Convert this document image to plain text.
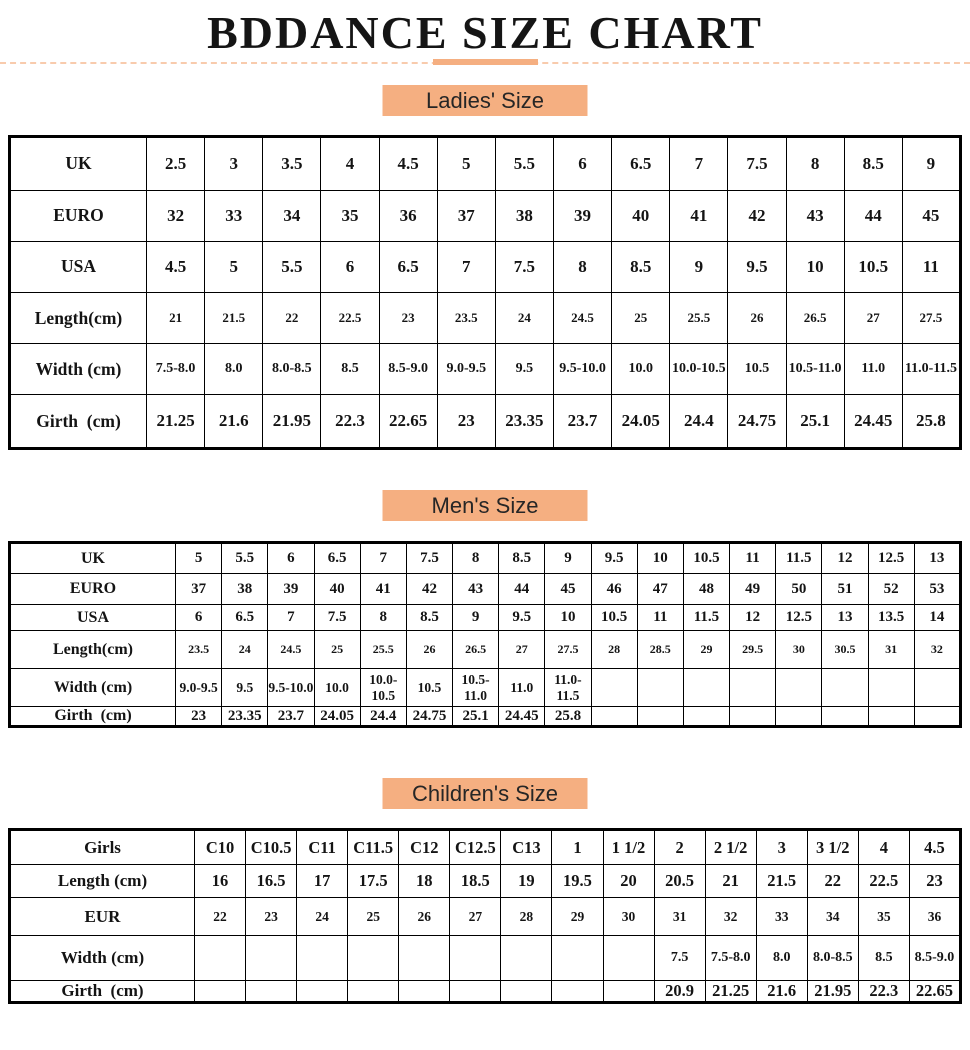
BDDANCE SIZE CHART
Ladies' Size
UK	2.5	3	3.5	4	4.5	5	5.5	6	6.5	7	7.5	8	8.5	9
EURO	32	33	34	35	36	37	38	39	40	41	42	43	44	45
USA	4.5	5	5.5	6	6.5	7	7.5	8	8.5	9	9.5	10	10.5	11
Length(cm)	21	21.5	22	22.5	23	23.5	24	24.5	25	25.5	26	26.5	27	27.5
Width (cm)	7.5-8.0	8.0	8.0-8.5	8.5	8.5-9.0	9.0-9.5	9.5	9.5-10.0	10.0	10.0-10.5	10.5	10.5-11.0	11.0	11.0-11.5
Girth  (cm)	21.25	21.6	21.95	22.3	22.65	23	23.35	23.7	24.05	24.4	24.75	25.1	24.45	25.8
Men's Size
UK	5	5.5	6	6.5	7	7.5	8	8.5	9	9.5	10	10.5	11	11.5	12	12.5	13
EURO	37	38	39	40	41	42	43	44	45	46	47	48	49	50	51	52	53
USA	6	6.5	7	7.5	8	8.5	9	9.5	10	10.5	11	11.5	12	12.5	13	13.5	14
Length(cm)	23.5	24	24.5	25	25.5	26	26.5	27	27.5	28	28.5	29	29.5	30	30.5	31	32
Width (cm)	9.0-9.5	9.5	9.5-10.0	10.0	10.0-10.5	10.5	10.5-11.0	11.0	11.0-11.5								
Girth  (cm)	23	23.35	23.7	24.05	24.4	24.75	25.1	24.45	25.8								
Children's Size
Girls	C10	C10.5	C11	C11.5	C12	C12.5	C13	1	1 1/2	2	2 1/2	3	3 1/2	4	4.5
Length (cm)	16	16.5	17	17.5	18	18.5	19	19.5	20	20.5	21	21.5	22	22.5	23
EUR	22	23	24	25	26	27	28	29	30	31	32	33	34	35	36
Width (cm)										7.5	7.5-8.0	8.0	8.0-8.5	8.5	8.5-9.0
Girth  (cm)										20.9	21.25	21.6	21.95	22.3	22.65
